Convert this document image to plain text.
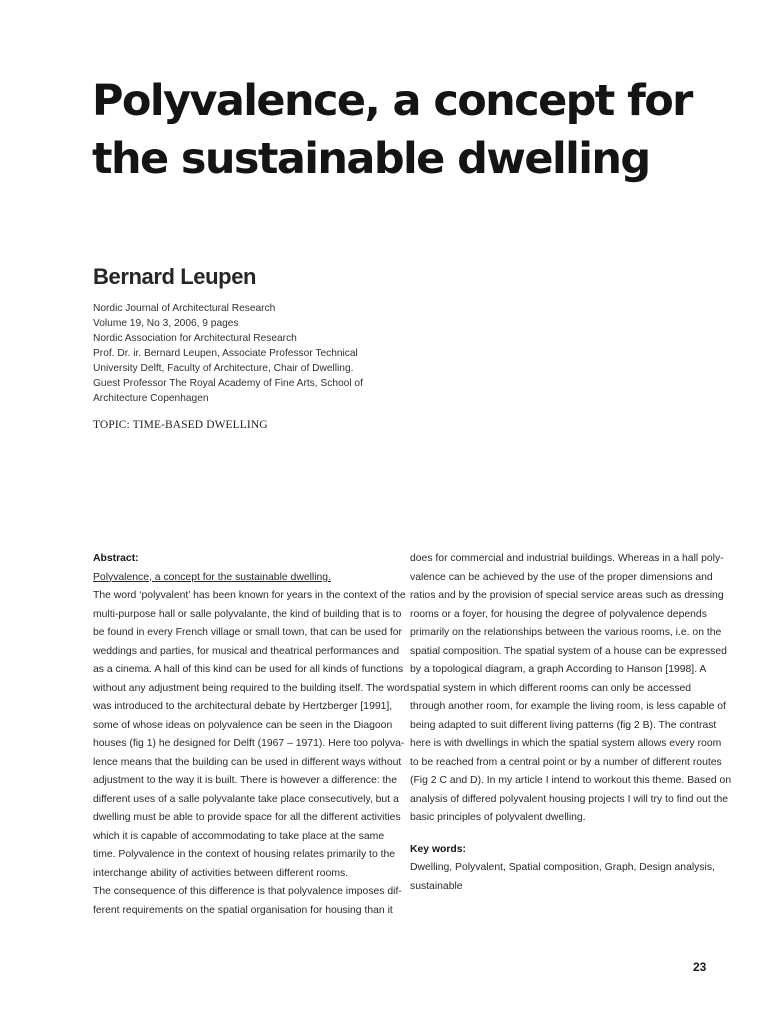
Polyvalence, a concept for
the sustainable dwelling
Bernard Leupen
Nordic Journal of Architectural Research
Volume 19, No 3, 2006, 9 pages
Nordic Association for Architectural Research
Prof. Dr. ir. Bernard Leupen, Associate Professor Technical
University Delft, Faculty of Architecture, Chair of Dwelling.
Guest Professor The Royal Academy of Fine Arts, School of
Architecture Copenhagen
TOPIC: TIME-BASED DWELLING
Abstract:
Polyvalence, a concept for the sustainable dwelling.
The word ‘polyvalent’ has been known for years in the context of the
multi-purpose hall or salle polyvalante, the kind of building that is to
be found in every French village or small town, that can be used for
weddings and parties, for musical and theatrical performances and
as a cinema. A hall of this kind can be used for all kinds of functions
without any adjustment being required to the building itself. The word
was introduced to the architectural debate by Hertzberger [1991],
some of whose ideas on polyvalence can be seen in the Diagoon
houses (fig 1) he designed for Delft (1967 – 1971). Here too polyva-
lence means that the building can be used in different ways without
adjustment to the way it is built. There is however a difference: the
different uses of a salle polyvalante take place consecutively, but a
dwelling must be able to provide space for all the different activities
which it is capable of accommodating to take place at the same
time. Polyvalence in the context of housing relates primarily to the
interchange ability of activities between different rooms.
The consequence of this difference is that polyvalence imposes dif-
ferent requirements on the spatial organisation for housing than it
does for commercial and industrial buildings. Whereas in a hall poly-
valence can be achieved by the use of the proper dimensions and
ratios and by the provision of special service areas such as dressing
rooms or a foyer, for housing the degree of polyvalence depends
primarily on the relationships between the various rooms, i.e. on the
spatial composition. The spatial system of a house can be expressed
by a topological diagram, a graph According to Hanson [1998]. A
spatial system in which different rooms can only be accessed
through another room, for example the living room, is less capable of
being adapted to suit different living patterns (fig 2 B). The contrast
here is with dwellings in which the spatial system allows every room
to be reached from a central point or by a number of different routes
(Fig 2 C and D). In my article I intend to workout this theme. Based on
analysis of differed polyvalent housing projects I will try to find out the
basic principles of polyvalent dwelling.
Key words:
Dwelling, Polyvalent, Spatial composition, Graph, Design analysis,
sustainable
23
